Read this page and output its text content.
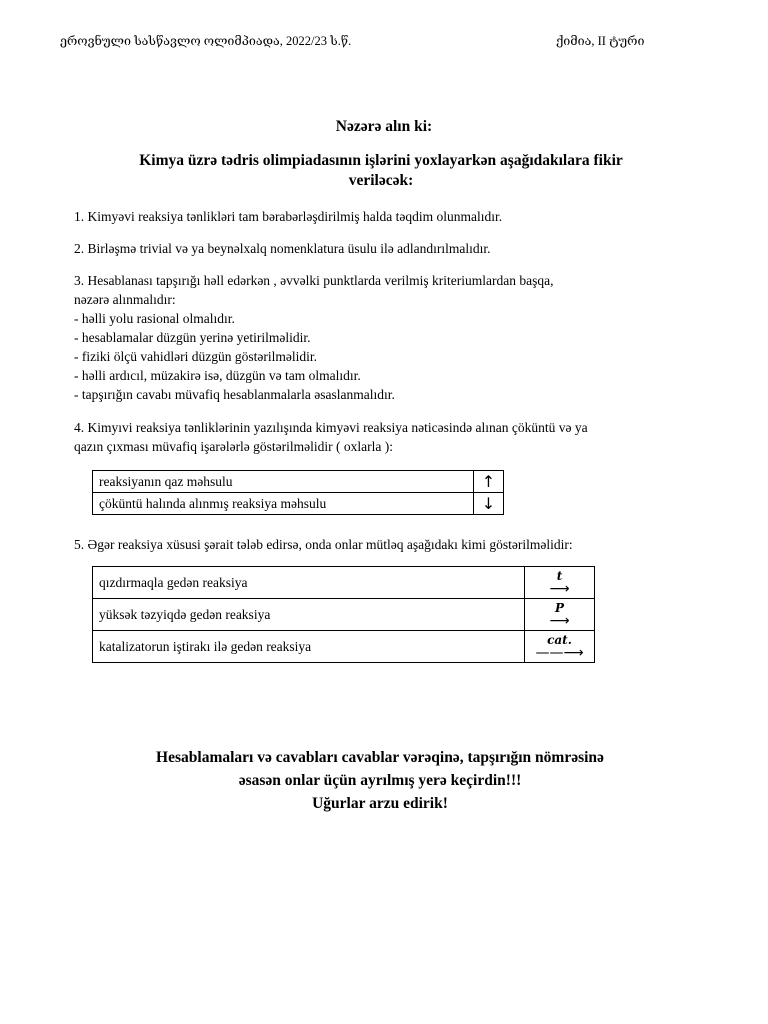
ეროვნული სასწავლო ოლიმპიადა, 2022/23 ს.წ.	ქიმია, II ტური
Nəzərə alın ki:
Kimya üzrə tədris olimpiadasının işlərini yoxlayarkən aşağıdakılara fikir
veriləcək:
1. Kimyəvi reaksiya tənlikləri tam bərabərləşdirilmiş halda təqdim olunmalıdır.
2. Birləşmə trivial və ya beynəlxalq nomenklatura üsulu ilə adlandırılmalıdır.
3. Hesablanası tapşırığı həll edərkən , əvvəlki punktlarda verilmiş kriteriumlardan başqa,
nəzərə alınmalıdır:
- həlli yolu rasional olmalıdır.
- hesablamalar düzgün yerinə yetirilməlidir.
- fiziki ölçü vahidləri düzgün göstərilməlidir.
- həlli ardıcıl, müzakirə isə, düzgün və tam olmalıdır.
- tapşırığın cavabı müvafiq hesablanmalarla əsaslanmalıdır.
4. Kimyıvi reaksiya tənliklərinin yazılışında kimyəvi reaksiya nəticəsində alınan çöküntü və ya
qazın çıxması müvafiq işarələrlə göstərilməlidir ( oxlarla ):
reaksiyanın qaz məhsulu	↑
çöküntü halında alınmış reaksiya məhsulu	↓
5. Əgər reaksiya xüsusi şərait tələb edirsə, onda onlar mütləq aşağıdakı kimi göstərilməlidir:
qızdırmaqla gedən reaksiya	t
⟶

yüksək təzyiqdə gedən reaksiya	P
⟶

katalizatorun iştirakı ilə gedən reaksiya	cat.
——⟶
Hesablamaları və cavabları cavablar vərəqinə, tapşırığın nömrəsinə
əsasən onlar üçün ayrılmış yerə keçirdin!!!
Uğurlar arzu edirik!
